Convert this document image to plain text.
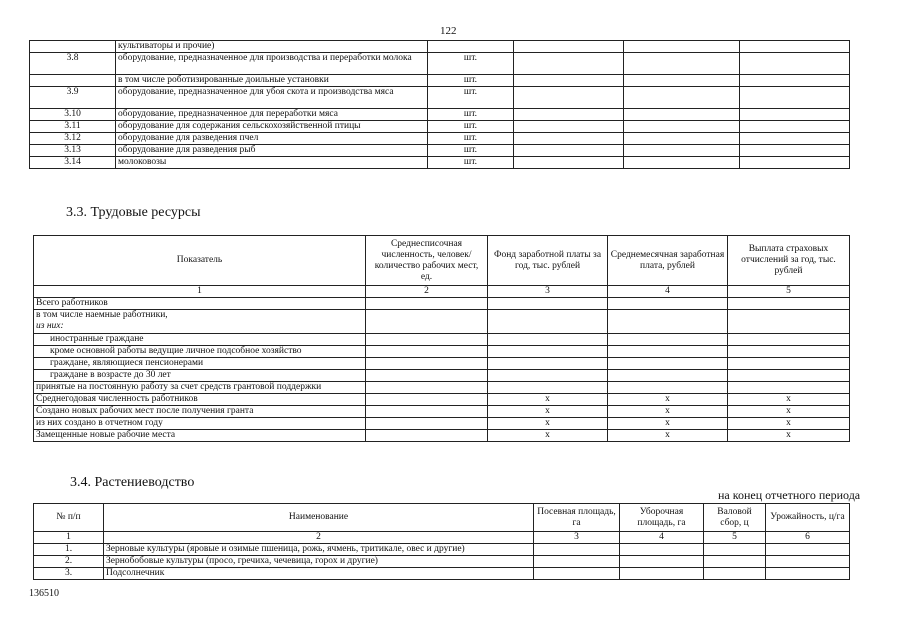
122
	культиваторы и прочие)				
3.8	оборудование, предназначенное для производства и переработки молока	шт.			
	в том числе роботизированные доильные установки	шт.			
3.9	оборудование, предназначенное для убоя скота и производства мяса	шт.			
3.10	оборудование, предназначенное для переработки мяса	шт.			
3.11	оборудование для содержания сельскохозяйственной птицы	шт.			
3.12	оборудование для разведения пчел	шт.			
3.13	оборудование для разведения рыб	шт.			
3.14	молоковозы	шт.			
3.3. Трудовые ресурсы
Показатель	Среднесписочная численность, человек/количество рабочих мест, ед.	Фонд заработной платы за год, тыс. рублей	Среднемесячная заработная плата, рублей	Выплата страховых отчислений за год, тыс. рублей
1	2	3	4	5
Всего работников				
в том числе наемные работники,
из них:				
иностранные граждане				
кроме основной работы ведущие личное подсобное хозяйство				
граждане, являющиеся пенсионерами				
граждане в возрасте до 30 лет				
принятые на постоянную работу за счет средств грантовой поддержки				
Среднегодовая численность работников		x	x	x
Создано новых рабочих мест после получения гранта		x	x	x
из них создано в отчетном году		x	x	x
Замещенные новые рабочие места		x	x	x
3.4. Растениеводство
на конец отчетного периода
№ п/п	Наименование	Посевная площадь, га	Уборочная площадь, га	Валовой сбор, ц	Урожайность, ц/га
1	2	3	4	5	6
1.	Зерновые культуры (яровые и озимые пшеница, рожь, ячмень, тритикале, овес и другие)				
2.	Зернобобовые культуры (просо, гречиха, чечевица, горох и другие)				
3.	Подсолнечник				
136510
